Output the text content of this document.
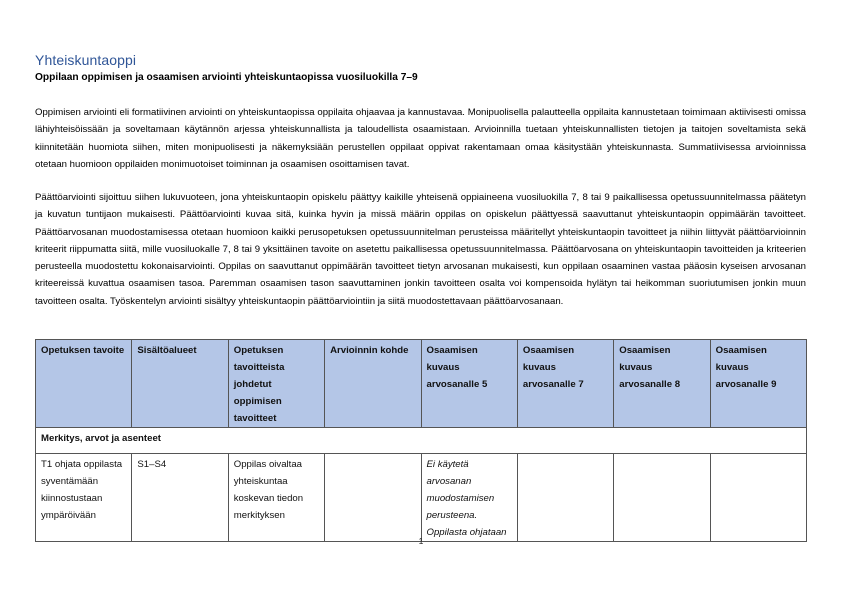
Yhteiskuntaoppi
Oppilaan oppimisen ja osaamisen arviointi yhteiskuntaopissa vuosiluokilla 7–9
Oppimisen arviointi eli formatiivinen arviointi on yhteiskuntaopissa oppilaita ohjaavaa ja kannustavaa. Monipuolisella palautteella oppilaita kannustetaan toimimaan aktiivisesti omissa lähiyhteisöissään ja soveltamaan käytännön arjessa yhteiskunnallista ja taloudellista osaamistaan. Arvioinnilla tuetaan yhteiskunnallisten tietojen ja taitojen soveltamista sekä kiinnitetään huomiota siihen, miten monipuolisesti ja näkemyksiään perustellen oppilaat oppivat rakentamaan omaa käsitystään yhteiskunnasta. Summatiivisessa arvioinnissa otetaan huomioon oppilaiden monimuotoiset toiminnan ja osaamisen osoittamisen tavat.
Päättöarviointi sijoittuu siihen lukuvuoteen, jona yhteiskuntaopin opiskelu päättyy kaikille yhteisenä oppiaineena vuosiluokilla 7, 8 tai 9 paikallisessa opetussuunnitelmassa päätetyn ja kuvatun tuntijaon mukaisesti. Päättöarviointi kuvaa sitä, kuinka hyvin ja missä määrin oppilas on opiskelun päättyessä saavuttanut yhteiskuntaopin oppimäärän tavoitteet. Päättöarvosanan muodostamisessa otetaan huomioon kaikki perusopetuksen opetussuunnitelman perusteissa määritellyt yhteiskuntaopin tavoitteet ja niihin liittyvät päättöarvioinnin kriteerit riippumatta siitä, mille vuosiluokalle 7, 8 tai 9 yksittäinen tavoite on asetettu paikallisessa opetussuunnitelmassa. Päättöarvosana on yhteiskuntaopin tavoitteiden ja kriteerien perusteella muodostettu kokonaisarviointi. Oppilas on saavuttanut oppimäärän tavoitteet tietyn arvosanan mukaisesti, kun oppilaan osaaminen vastaa pääosin kyseisen arvosanan kriteereissä kuvattua osaamisen tasoa. Paremman osaamisen tason saavuttaminen jonkin tavoitteen osalta voi kompensoida hylätyn tai heikomman suoriutumisen jonkin muun tavoitteen osalta. Työskentelyn arviointi sisältyy yhteiskuntaopin päättöarviointiin ja siitä muodostettavaan päättöarvosanaan.
Opetuksen tavoite	Sisältöalueet	Opetuksen tavoitteista johdetut oppimisen tavoitteet	Arvioinnin kohde	Osaamisen kuvaus arvosanalle 5	Osaamisen kuvaus arvosanalle 7	Osaamisen kuvaus arvosanalle 8	Osaamisen kuvaus arvosanalle 9
Merkitys, arvot ja asenteet							
T1 ohjata oppilasta syventämään kiinnostustaan ympäröivään	S1–S4	Oppilas oivaltaa yhteiskuntaa koskevan tiedon merkityksen		Ei käytetä arvosanan muodostamisen perusteena. Oppilasta ohjataan			
1
